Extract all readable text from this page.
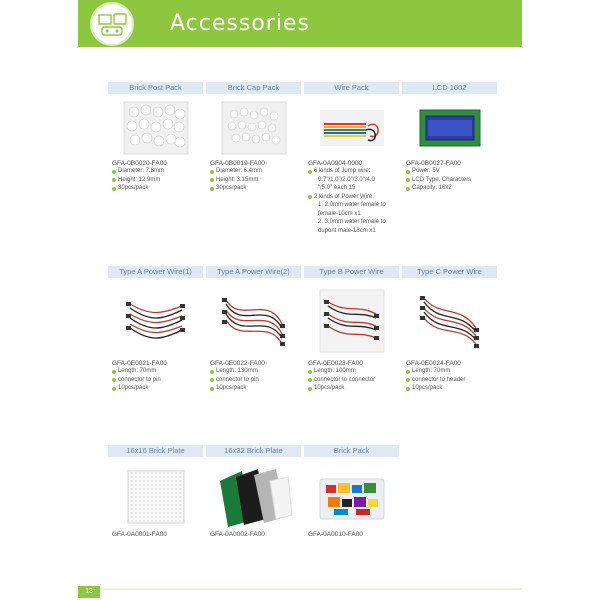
Accessories
Brick Post Pack
GFA-0B0020-FA00
Diameter: 7.8mm
Height: 12.9mm
30pcs/pack
Brick Cap Pack
GFA-0B0019-FA00
Diameter: 6.4mm
Height: 3.15mm
30pcs/pack
Wire Pack
GFA-0A0904-0000
6 kinds of Jump wire:
0.7"/1.0"/2.0"/3.0"/4.0
"/5.0" each 15
2 kinds of Power Wire:
1. 2.0mm water female to
female-10cm x1
2. 3.0mm water female to
dupont male-18cm x1
LCD 1602
GFA-0B0027-FA00
Power: 5V
LCD Type: Characters
Capacity: 16x2
Type A Power Wire(1)
GFA-0E0021-FA00
Length: 70mm
connector to pin
10pcs/pack
Type A Power Wire(2)
GFA-0E0022-FA00
Length: 130mm
connector to pin
10pcs/pack
Type B Power Wire
GFA-0E0023-FA00
Length: 100mm
connector to connector
10pcs/pack
Type C Power Wire
GFA-0E0024-FA00
Length: 70mm
connector to header
10pcs/pack
16x16 Brick Plate
GFA-0A0001-FA00
16x32 Brick Plate
GFA-0A0002-FA00
Brick Pack
GFA-0A0010-FA00
13
